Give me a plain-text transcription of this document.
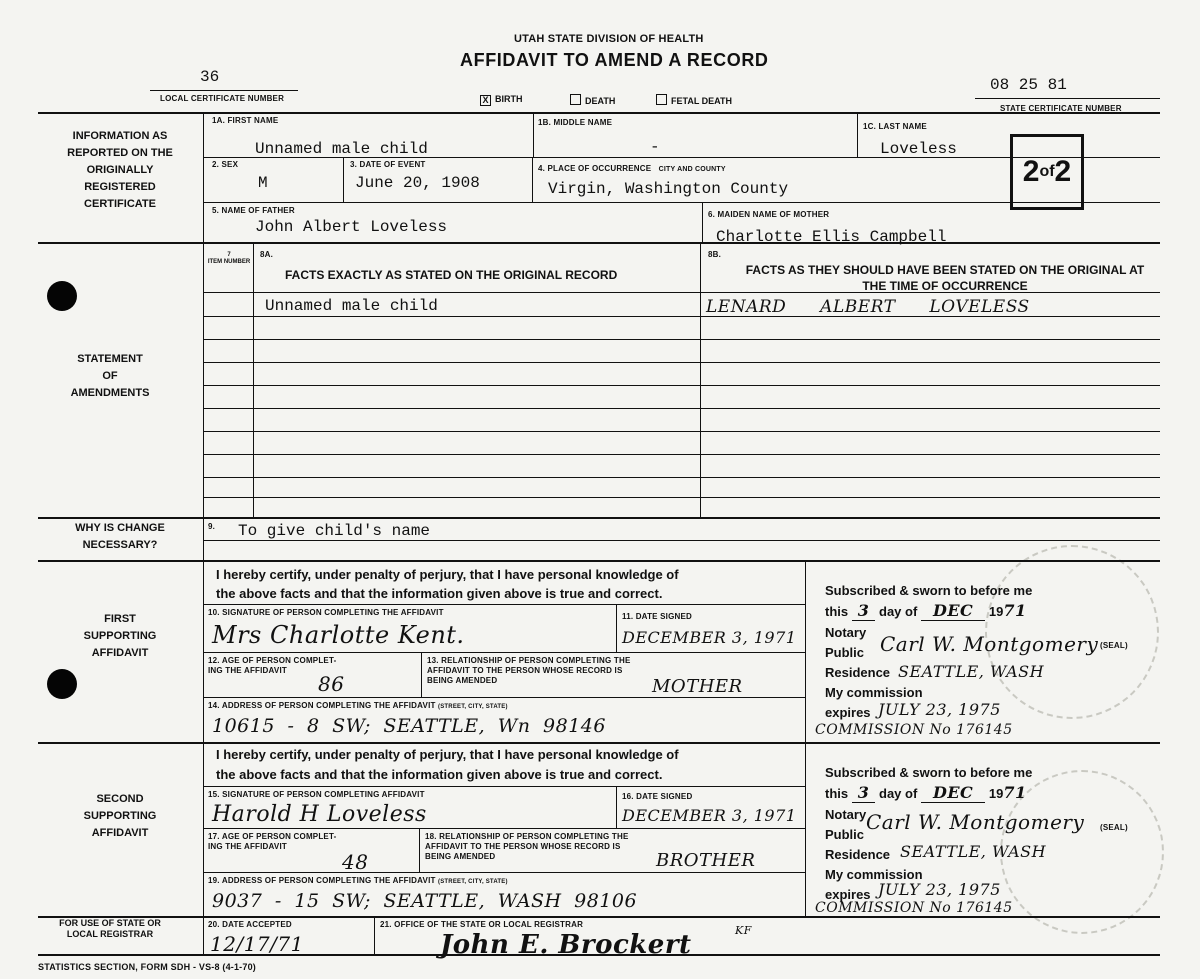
UTAH STATE DIVISION OF HEALTH
AFFIDAVIT TO AMEND A RECORD
36
LOCAL CERTIFICATE NUMBER	X BIRTH	DEATH	FETAL DEATH
08 25 81
STATE CERTIFICATE NUMBER
INFORMATION AS REPORTED ON THE ORIGINALLY REGISTERED CERTIFICATE
STATEMENT OF AMENDMENTS
WHY IS CHANGE NECESSARY?
FIRST SUPPORTING AFFIDAVIT
SECOND SUPPORTING AFFIDAVIT
FOR USE OF STATE OR LOCAL REGISTRAR
1A. FIRST NAME
Unnamed male child
1B. MIDDLE NAME
-
1C. LAST NAME
Loveless
2 of 2
2. SEX
M
3. DATE OF EVENT
June 20, 1908
4. PLACE OF OCCURRENCE CITY AND COUNTY
Virgin, Washington County
5. NAME OF FATHER
John Albert Loveless
6. MAIDEN NAME OF MOTHER
Charlotte Ellis Campbell
7
ITEM NUMBER
8A.
FACTS EXACTLY AS STATED ON THE ORIGINAL RECORD
8B.
FACTS AS THEY SHOULD HAVE BEEN STATED ON THE ORIGINAL AT THE TIME OF OCCURRENCE
Unnamed male child	LENARD ALBERT LOVELESS
9. To give child's name
I hereby certify, under penalty of perjury, that I have personal knowledge of
the above facts and that the information given above is true and correct.
10. SIGNATURE OF PERSON COMPLETING THE AFFIDAVIT
Mrs Charlotte Kent.
11. DATE SIGNED
DECEMBER 3, 1971
12. AGE OF PERSON COMPLET-
ING THE AFFIDAVIT
86
13. RELATIONSHIP OF PERSON COMPLETING THE
AFFIDAVIT TO THE PERSON WHOSE RECORD IS
BEING AMENDED	MOTHER
14. ADDRESS OF PERSON COMPLETING THE AFFIDAVIT (STREET, CITY, STATE)
10615 - 8 SW; SEATTLE, Wn 98146
Subscribed & sworn to before me
this 3 day of DEC 1971
Notary
Public Carl W. Montgomery (SEAL)
Residence SEATTLE, WASH
My commission
expires JULY 23, 1975
COMMISSION No 176145
I hereby certify, under penalty of perjury, that I have personal knowledge of
the above facts and that the information given above is true and correct.
15. SIGNATURE OF PERSON COMPLETING AFFIDAVIT
Harold H Loveless
16. DATE SIGNED
DECEMBER 3, 1971
17. AGE OF PERSON COMPLET-
ING THE AFFIDAVIT
48
18. RELATIONSHIP OF PERSON COMPLETING THE
AFFIDAVIT TO THE PERSON WHOSE RECORD IS
BEING AMENDED	BROTHER
19. ADDRESS OF PERSON COMPLETING THE AFFIDAVIT (STREET, CITY, STATE)
9037 - 15 SW; SEATTLE, WASH 98106
Subscribed & sworn to before me
this 3 day of DEC 1971
Notary
Public
Carl W. Montgomery (SEAL)
Residence SEATTLE, WASH
My commission
expires JULY 23, 1975
COMMISSION No 176145
20. DATE ACCEPTED
12/17/71
21. OFFICE OF THE STATE OR LOCAL REGISTRAR
John E. Brockert	KF
STATISTICS SECTION, FORM SDH - VS-8 (4-1-70)
